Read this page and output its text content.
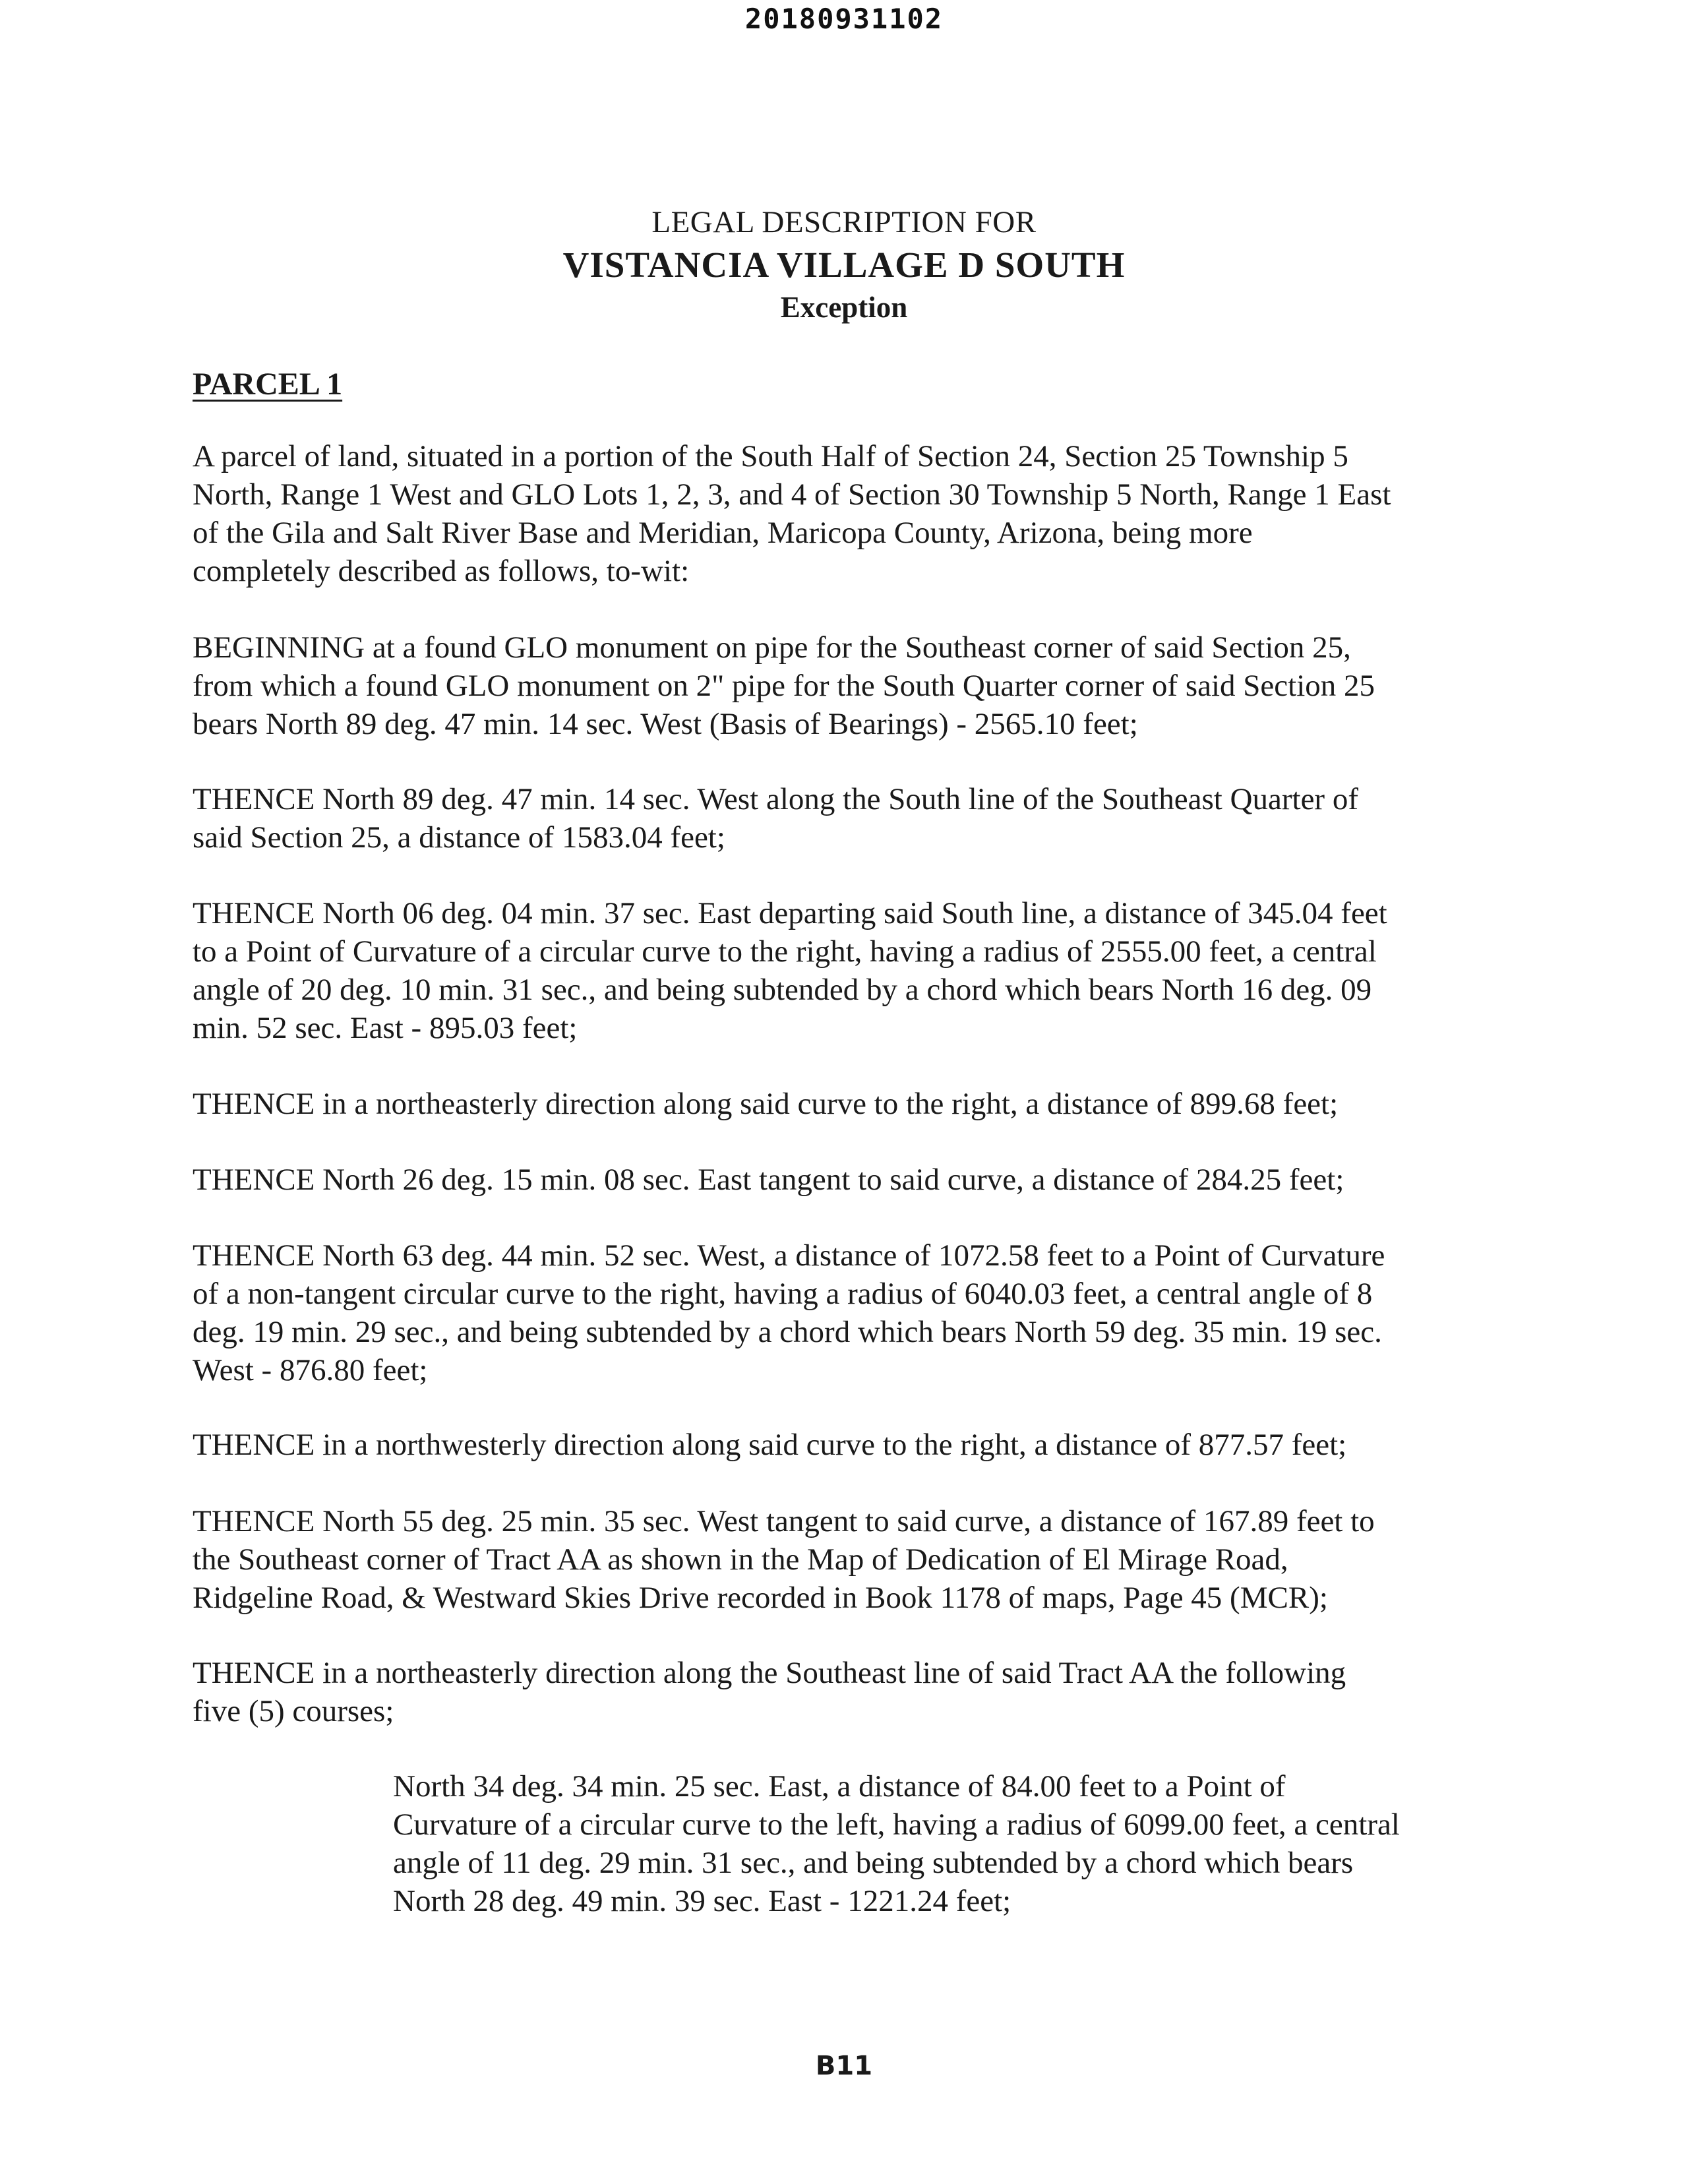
20180931102
LEGAL DESCRIPTION FOR
VISTANCIA VILLAGE D SOUTH
Exception
PARCEL 1
A parcel of land, situated in a portion of the South Half of Section 24, Section 25 Township 5
North, Range 1 West and GLO Lots 1, 2, 3, and 4 of Section 30 Township 5 North, Range 1 East
of the Gila and Salt River Base and Meridian, Maricopa County, Arizona, being more
completely described as follows, to-wit:
BEGINNING at a found GLO monument on pipe for the Southeast corner of said Section 25,
from which a found GLO monument on 2" pipe for the South Quarter corner of said Section 25
bears North 89 deg. 47 min. 14 sec. West (Basis of Bearings) - 2565.10 feet;
THENCE North 89 deg. 47 min. 14 sec. West along the South line of the Southeast Quarter of
said Section 25, a distance of 1583.04 feet;
THENCE North 06 deg. 04 min. 37 sec. East departing said South line, a distance of 345.04 feet
to a Point of Curvature of a circular curve to the right, having a radius of 2555.00 feet, a central
angle of 20 deg. 10 min. 31 sec., and being subtended by a chord which bears North 16 deg. 09
min. 52 sec. East - 895.03 feet;
THENCE in a northeasterly direction along said curve to the right, a distance of 899.68 feet;
THENCE North 26 deg. 15 min. 08 sec. East tangent to said curve, a distance of 284.25 feet;
THENCE North 63 deg. 44 min. 52 sec. West, a distance of 1072.58 feet to a Point of Curvature
of a non-tangent circular curve to the right, having a radius of 6040.03 feet, a central angle of 8
deg. 19 min. 29 sec., and being subtended by a chord which bears North 59 deg. 35 min. 19 sec.
West - 876.80 feet;
THENCE in a northwesterly direction along said curve to the right, a distance of 877.57 feet;
THENCE North 55 deg. 25 min. 35 sec. West tangent to said curve, a distance of 167.89 feet to
the Southeast corner of Tract AA as shown in the Map of Dedication of El Mirage Road,
Ridgeline Road, & Westward Skies Drive recorded in Book 1178 of maps, Page 45 (MCR);
THENCE in a northeasterly direction along the Southeast line of said Tract AA the following
five (5) courses;
North 34 deg. 34 min. 25 sec. East, a distance of 84.00 feet to a Point of
Curvature of a circular curve to the left, having a radius of 6099.00 feet, a central
angle of 11 deg. 29 min. 31 sec., and being subtended by a chord which bears
North 28 deg. 49 min. 39 sec. East - 1221.24 feet;
B11
